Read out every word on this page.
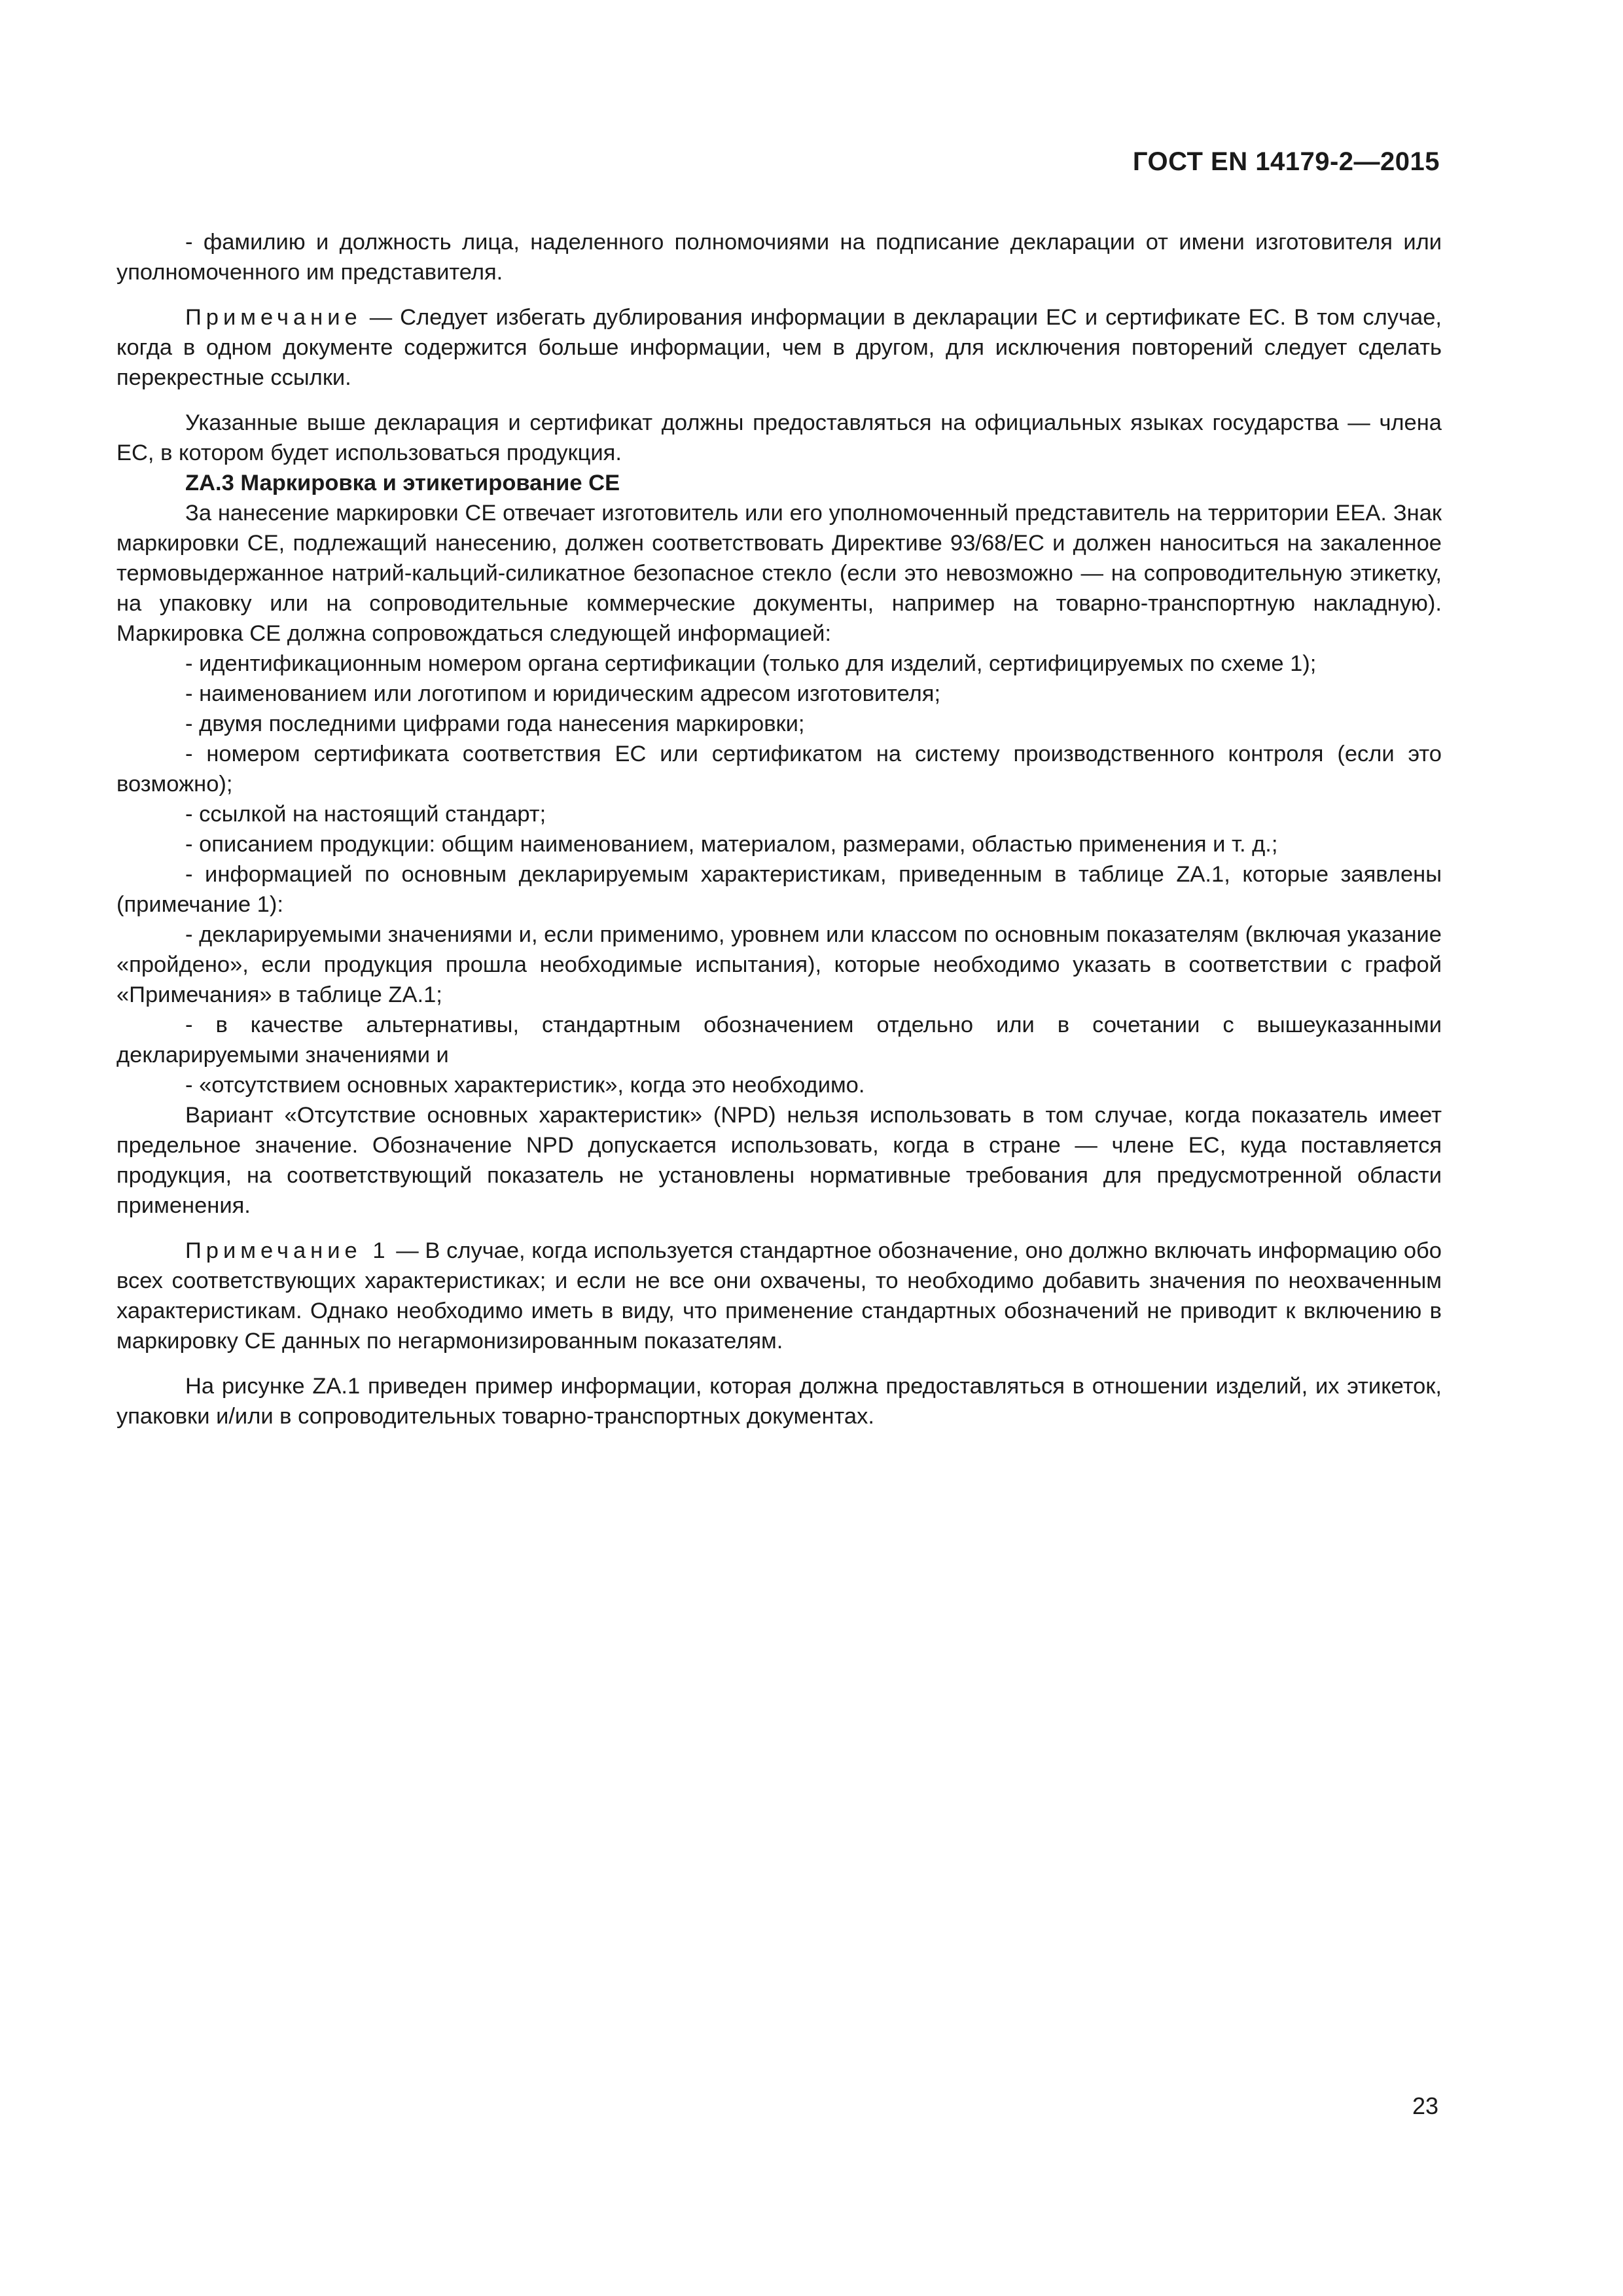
ГОСТ EN 14179-2—2015

- фамилию и должность лица, наделенного полномочиями на подписание декларации от имени изготовителя или уполномоченного им представителя.

Примечание — Следует избегать дублирования информации в декларации ЕС и сертификате ЕС. В том случае, когда в одном документе содержится больше информации, чем в другом, для исключения повторений следует сделать перекрестные ссылки.

Указанные выше декларация и сертификат должны предоставляться на официальных языках государства — члена ЕС, в котором будет использоваться продукция.

ZA.3 Маркировка и этикетирование СЕ

За нанесение маркировки СЕ отвечает изготовитель или его уполномоченный представитель на территории ЕЕА. Знак маркировки СЕ, подлежащий нанесению, должен соответствовать Директиве 93/68/ЕС и должен наноситься на закаленное термовыдержанное натрий-кальций-силикатное безопасное стекло (если это невозможно — на сопроводительную этикетку, на упаковку или на сопроводительные коммерческие документы, например на товарно-транспортную накладную). Маркировка СЕ должна сопровождаться следующей информацией:

- идентификационным номером органа сертификации (только для изделий, сертифицируемых по схеме 1);

- наименованием или логотипом и юридическим адресом изготовителя;

- двумя последними цифрами года нанесения маркировки;

- номером сертификата соответствия ЕС или сертификатом на систему производственного контроля (если это возможно);

- ссылкой на настоящий стандарт;

- описанием продукции: общим наименованием, материалом, размерами, областью применения и т. д.;

- информацией по основным декларируемым характеристикам, приведенным в таблице ZA.1, которые заявлены (примечание 1):

- декларируемыми значениями и, если применимо, уровнем или классом по основным показателям (включая указание «пройдено», если продукция прошла необходимые испытания), которые необходимо указать в соответствии с графой «Примечания» в таблице ZA.1;

- в качестве альтернативы, стандартным обозначением отдельно или в сочетании с вышеуказанными декларируемыми значениями и

- «отсутствием основных характеристик», когда это необходимо.

Вариант «Отсутствие основных характеристик» (NPD) нельзя использовать в том случае, когда показатель имеет предельное значение. Обозначение NPD допускается использовать, когда в стране — члене ЕС, куда поставляется продукция, на соответствующий показатель не установлены нормативные требования для предусмотренной области применения.

Примечание 1 — В случае, когда используется стандартное обозначение, оно должно включать информацию обо всех соответствующих характеристиках; и если не все они охвачены, то необходимо добавить значения по неохваченным характеристикам. Однако необходимо иметь в виду, что применение стандартных обозначений не приводит к включению в маркировку СЕ данных по негармонизированным показателям.

На рисунке ZA.1 приведен пример информации, которая должна предоставляться в отношении изделий, их этикеток, упаковки и/или в сопроводительных товарно-транспортных документах.

23
